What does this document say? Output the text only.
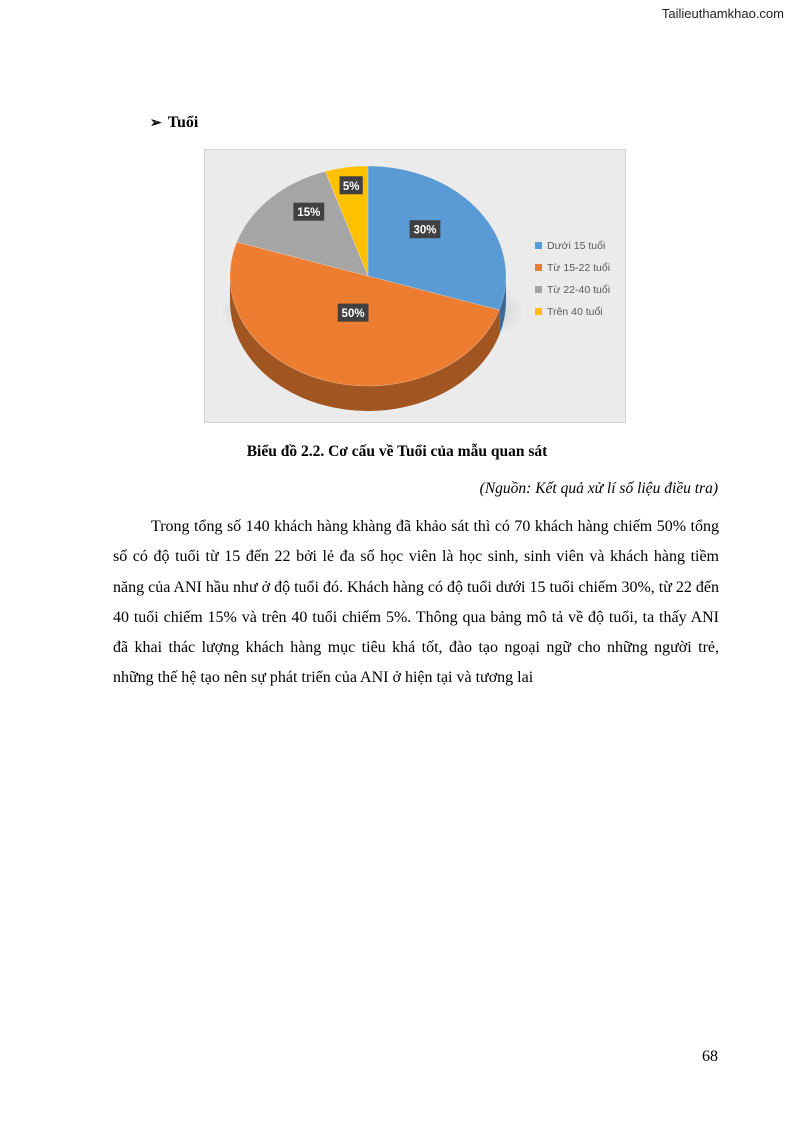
Tailieuthamkhao.com
➢ Tuổi
30%
50%
15%
5%
Dưới 15 tuổi
Từ 15-22 tuổi
Từ 22-40 tuổi
Trên 40 tuổi
Biểu đồ 2.2. Cơ cấu về Tuổi của mẫu quan sát
(Nguồn: Kết quả xử lí số liệu điều tra)

Trong tổng số 140 khách hàng khàng đã khảo sát thì có 70 khách hàng chiếm 50% tổng số có độ tuổi từ 15 đến 22 bởi lẻ đa số học viên là học sinh, sinh viên và khách hàng tiềm năng của ANI hầu như ở độ tuổi đó. Khách hàng có độ tuổi dưới 15 tuổi chiếm 30%, từ 22 đến 40 tuổi chiếm 15% và trên 40 tuổi chiếm 5%. Thông qua bảng mô tả về độ tuổi, ta thấy ANI đã khai thác lượng khách hàng mục tiêu khá tốt, đào tạo ngoại ngữ cho những người trẻ, những thế hệ tạo nên sự phát triển của ANI ở hiện tại và tương lai

68
